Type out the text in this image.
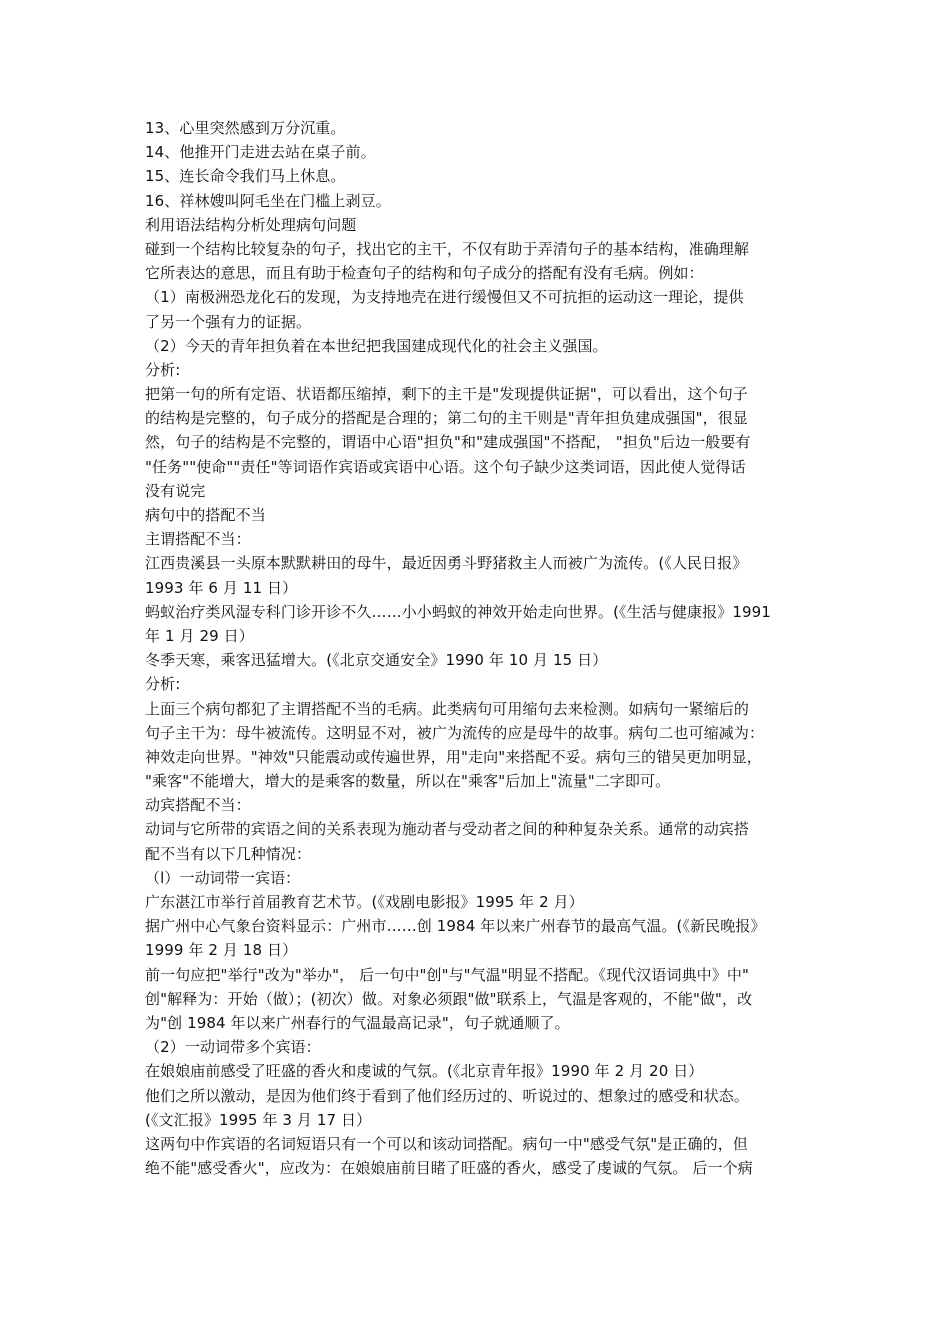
13、心里突然感到万分沉重。
14、他推开门走进去站在桌子前。
15、连长命令我们马上休息。
16、祥林嫂叫阿毛坐在门槛上剥豆。
利用语法结构分析处理病句问题
碰到一个结构比较复杂的句子，找出它的主干，不仅有助于弄清句子的基本结构，准确理解
它所表达的意思，而且有助于检查句子的结构和句子成分的搭配有没有毛病。例如：
（1）南极洲恐龙化石的发现，为支持地壳在进行缓慢但又不可抗拒的运动这一理论，提供
了另一个强有力的证据。
（2）今天的青年担负着在本世纪把我国建成现代化的社会主义强国。
分析:
把第一句的所有定语、状语都压缩掉，剩下的主干是"发现提供证据"，可以看出，这个句子
的结构是完整的，句子成分的搭配是合理的；第二句的主干则是"青年担负建成强国"，很显
然，句子的结构是不完整的，谓语中心语"担负"和"建成强国"不搭配， "担负"后边一般要有
"任务""使命""责任"等词语作宾语或宾语中心语。这个句子缺少这类词语，因此使人觉得话
没有说完
病句中的搭配不当
主谓搭配不当：
江西贵溪县一头原本默默耕田的母牛，最近因勇斗野猪救主人而被广为流传。(《人民日报》
1993 年 6 月 11 日）
蚂蚁治疗类风湿专科门诊开诊不久……小小蚂蚁的神效开始走向世界。(《生活与健康报》1991
年 1 月 29 日）
冬季天寒，乘客迅猛增大。(《北京交通安全》1990 年 10 月 15 日）
分析:
上面三个病句都犯了主谓搭配不当的毛病。此类病句可用缩句去来检测。如病句一紧缩后的
句子主干为：母牛被流传。这明显不对，被广为流传的应是母牛的故事。病句二也可缩减为：
神效走向世界。"神效"只能震动或传遍世界，用"走向"来搭配不妥。病句三的错吴更加明显，
"乘客"不能增大，增大的是乘客的数量，所以在"乘客"后加上"流量"二字即可。
动宾搭配不当：
动词与它所带的宾语之间的关系表现为施动者与受动者之间的种种复杂关系。通常的动宾搭
配不当有以下几种情况：
（l）一动词带一宾语：
广东湛江市举行首届教育艺术节。(《戏剧电影报》1995 年 2 月）
据广州中心气象台资料显示：广州市……创 1984 年以来广州春节的最高气温。(《新民晚报》
1999 年 2 月 18 日）
前一句应把"举行"改为"举办"， 后一句中"创"与"气温"明显不搭配。《现代汉语词典中》中"
创"解释为：开始（做）；(初次）做。对象必须跟"做"联系上，气温是客观的，不能"做"，改
为"创 1984 年以来广州春行的气温最高记录"，句子就通顺了。
（2）一动词带多个宾语：
在娘娘庙前感受了旺盛的香火和虔诚的气氛。(《北京青年报》1990 年 2 月 20 日）
他们之所以激动，是因为他们终于看到了他们经历过的、听说过的、想象过的感受和状态。
(《文汇报》1995 年 3 月 17 日）
这两句中作宾语的名词短语只有一个可以和该动词搭配。病句一中"感受气氛"是正确的，但
绝不能"感受香火"，应改为：在娘娘庙前目睹了旺盛的香火，感受了虔诚的气氛。 后一个病
